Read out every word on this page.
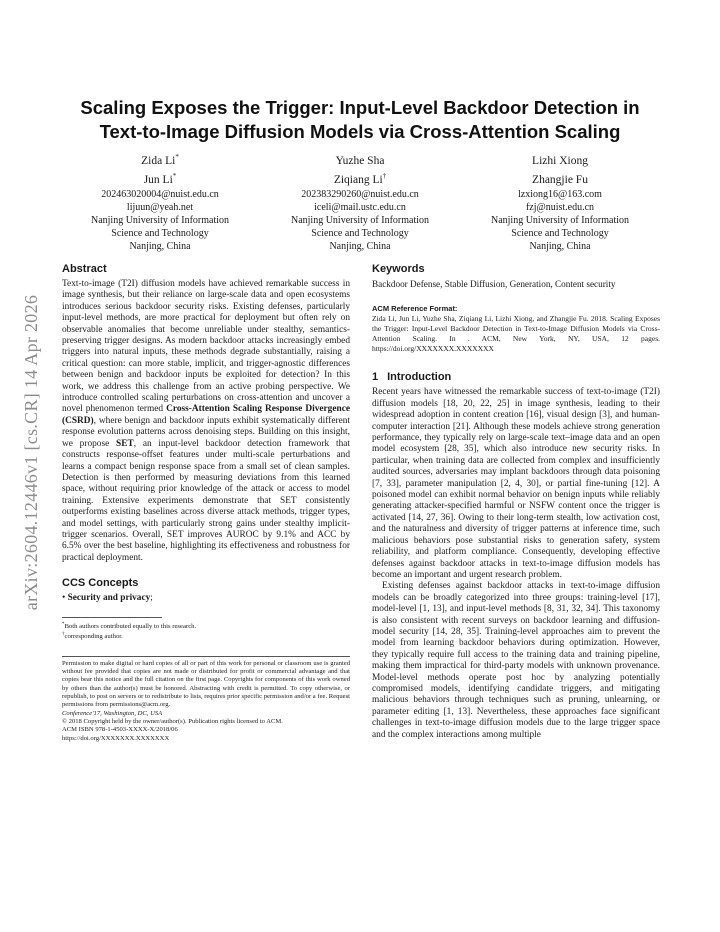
arXiv:2604.12446v1 [cs.CR] 14 Apr 2026
Scaling Exposes the Trigger: Input-Level Backdoor Detection in Text-to-Image Diffusion Models via Cross-Attention Scaling
Zida Li*
Jun Li*
202463020004@nuist.edu.cn
lijuun@yeah.net
Nanjing University of Information
Science and Technology
Nanjing, China
Yuzhe Sha
Ziqiang Li†
202383290260@nuist.edu.cn
iceli@mail.ustc.edu.cn
Nanjing University of Information
Science and Technology
Nanjing, China
Lizhi Xiong
Zhangjie Fu
lzxiong16@163.com
fzj@nuist.edu.cn
Nanjing University of Information
Science and Technology
Nanjing, China
Abstract

Text-to-image (T2I) diffusion models have achieved remarkable success in image synthesis, but their reliance on large-scale data and open ecosystems introduces serious backdoor security risks. Existing defenses, particularly input-level methods, are more practical for deployment but often rely on observable anomalies that become unreliable under stealthy, semantics-preserving trigger designs. As modern backdoor attacks increasingly embed triggers into natural inputs, these methods degrade substantially, raising a critical question: can more stable, implicit, and trigger-agnostic differences between benign and backdoor inputs be exploited for detection? In this work, we address this challenge from an active probing perspective. We introduce controlled scaling perturbations on cross-attention and uncover a novel phenomenon termed Cross-Attention Scaling Response Divergence (CSRD), where benign and backdoor inputs exhibit systematically different response evolution patterns across denoising steps. Building on this insight, we propose SET, an input-level backdoor detection framework that constructs response-offset features under multi-scale perturbations and learns a compact benign response space from a small set of clean samples. Detection is then performed by measuring deviations from this learned space, without requiring prior knowledge of the attack or access to model training. Extensive experiments demonstrate that SET consistently outperforms existing baselines across diverse attack methods, trigger types, and model settings, with particularly strong gains under stealthy implicit-trigger scenarios. Overall, SET improves AUROC by 9.1% and ACC by 6.5% over the best baseline, highlighting its effectiveness and robustness for practical deployment.

CCS Concepts
• Security and privacy;
*Both authors contributed equally to this research.
†corresponding author.
Permission to make digital or hard copies of all or part of this work for personal or classroom use is granted without fee provided that copies are not made or distributed for profit or commercial advantage and that copies bear this notice and the full citation on the first page. Copyrights for components of this work owned by others than the author(s) must be honored. Abstracting with credit is permitted. To copy otherwise, or republish, to post on servers or to redistribute to lists, requires prior specific permission and/or a fee. Request permissions from permissions@acm.org.
Conference'17, Washington, DC, USA
© 2018 Copyright held by the owner/author(s). Publication rights licensed to ACM.
ACM ISBN 978-1-4503-XXXX-X/2018/06
https://doi.org/XXXXXXX.XXXXXXX
Keywords
Backdoor Defense, Stable Diffusion, Generation, Content security
ACM Reference Format:
Zida Li, Jun Li, Yuzhe Sha, Ziqiang Li, Lizhi Xiong, and Zhangjie Fu. 2018. Scaling Exposes the Trigger: Input-Level Backdoor Detection in Text-to-Image Diffusion Models via Cross-Attention Scaling. In . ACM, New York, NY, USA, 12 pages. https://doi.org/XXXXXXX.XXXXXXX
1 Introduction

Recent years have witnessed the remarkable success of text-to-image (T2I) diffusion models [18, 20, 22, 25] in image synthesis, leading to their widespread adoption in content creation [16], visual design [3], and human-computer interaction [21]. Although these models achieve strong generation performance, they typically rely on large-scale text–image data and an open model ecosystem [28, 35], which also introduce new security risks. In particular, when training data are collected from complex and insufficiently audited sources, adversaries may implant backdoors through data poisoning [7, 33], parameter manipulation [2, 4, 30], or partial fine-tuning [12]. A poisoned model can exhibit normal behavior on benign inputs while reliably generating attacker-specified harmful or NSFW content once the trigger is activated [14, 27, 36]. Owing to their long-term stealth, low activation cost, and the naturalness and diversity of trigger patterns at inference time, such malicious behaviors pose substantial risks to generation safety, system reliability, and platform compliance. Consequently, developing effective defenses against backdoor attacks in text-to-image diffusion models has become an important and urgent research problem.

Existing defenses against backdoor attacks in text-to-image diffusion models can be broadly categorized into three groups: training-level [17], model-level [1, 13], and input-level methods [8, 31, 32, 34]. This taxonomy is also consistent with recent surveys on backdoor learning and diffusion-model security [14, 28, 35]. Training-level approaches aim to prevent the model from learning backdoor behaviors during optimization. However, they typically require full access to the training data and training pipeline, making them impractical for third-party models with unknown provenance. Model-level methods operate post hoc by analyzing potentially compromised models, identifying candidate triggers, and mitigating malicious behaviors through techniques such as pruning, unlearning, or parameter editing [1, 13]. Nevertheless, these approaches face significant challenges in text-to-image diffusion models due to the large trigger space and the complex interactions among multiple
